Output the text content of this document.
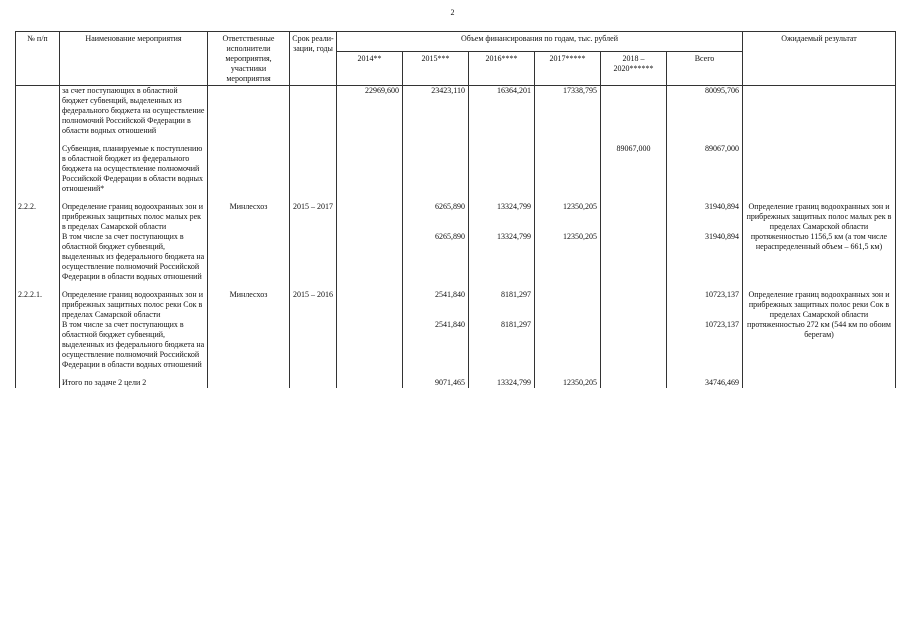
2
№ п/п	Наименование мероприятия	Ответственные исполнители мероприятия, участники мероприятия	Срок реали-зации, годы	Объем финансирования по годам, тыс. рублей						Ожидаемый результат
				2014**	2015***	2016****	2017*****	2018 – 2020******	Всего	
	за счет поступающих в областной бюджет субвенций, выделенных из федерального бюджета на осуществление полномочий Российской Федерации в области водных отношений			22969,600	23423,110	16364,201	17338,795		80095,706	

	Субвенция, планируемые к поступлению в областной бюджет из федерального бюджета на осуществление полномочий Российской Федерации в области водных отношений*							89067,000	89067,000	

2.2.2.	Определение границ водоохранных зон и прибрежных защитных полос малых рек в пределах Самарской области	Минлесхоз	2015 – 2017		6265,890	13324,799	12350,205		31940,894	Определение границ водоохранных зон и прибрежных защитных полос малых рек в пределах Самарской области протяженностью 1156,5 км (а том числе нераспределенный объем – 661,5 км)
	В том числе за счет поступающих в областной бюджет субвенций, выделенных из федерального бюджета на осуществление полномочий Российской Федерации в области водных отношений				6265,890	13324,799	12350,205		31940,894	

2.2.2.1.	Определение границ водоохранных зон и прибрежных защитных полос реки Сок в пределах Самарской области	Минлесхоз	2015 – 2016		2541,840	8181,297			10723,137	Определение границ водоохранных зон и прибрежных защитных полос реки Сок в пределах Самарской области протяженностью 272 км (544 км по обоим берегам)
	В том числе за счет поступающих в областной бюджет субвенций, выделенных из федерального бюджета на осуществление полномочий Российской Федерации в области водных отношений				2541,840	8181,297			10723,137	

	Итого по задаче 2 цели 2				9071,465	13324,799	12350,205		34746,469	
